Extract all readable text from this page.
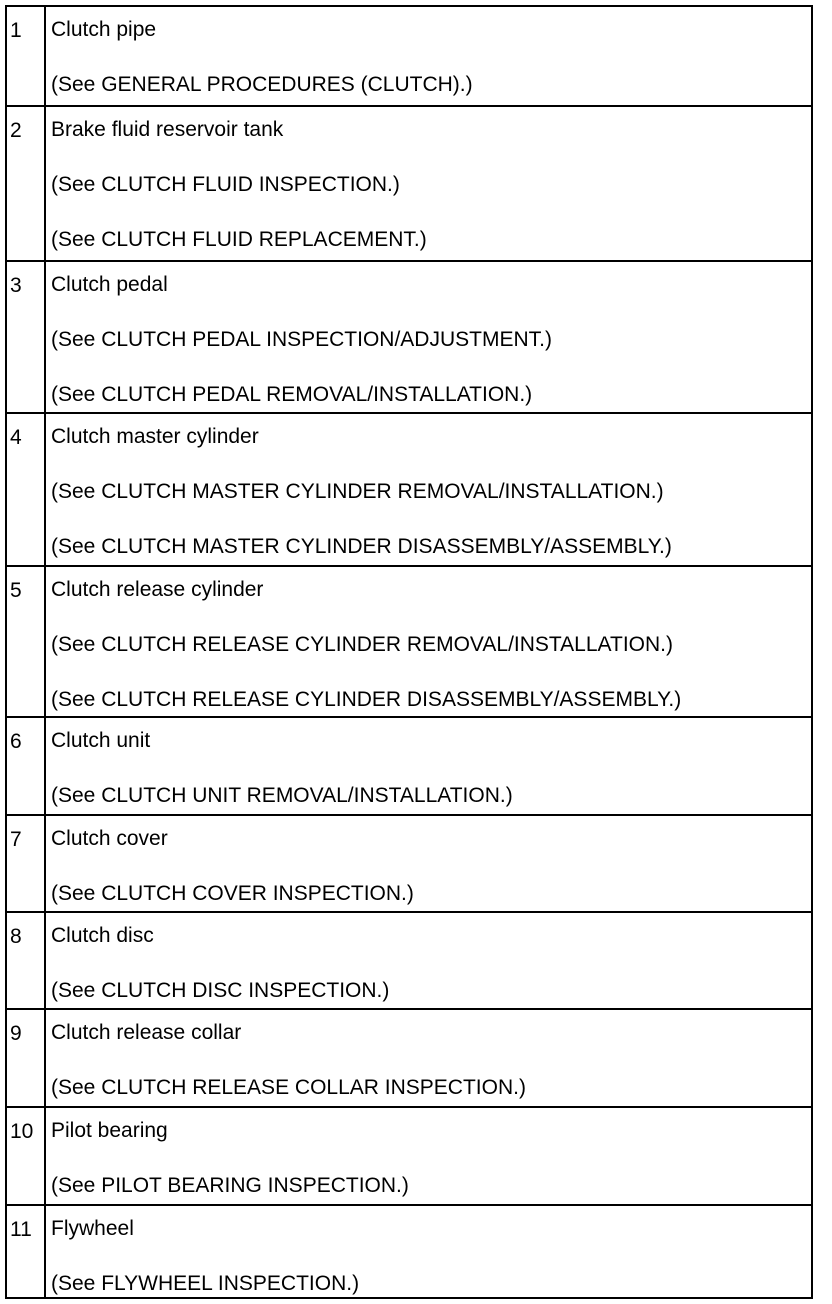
1	Clutch pipe
(See GENERAL PROCEDURES (CLUTCH).)
2	Brake fluid reservoir tank
(See CLUTCH FLUID INSPECTION.)
(See CLUTCH FLUID REPLACEMENT.)
3	Clutch pedal
(See CLUTCH PEDAL INSPECTION/ADJUSTMENT.)
(See CLUTCH PEDAL REMOVAL/INSTALLATION.)
4	Clutch master cylinder
(See CLUTCH MASTER CYLINDER REMOVAL/INSTALLATION.)
(See CLUTCH MASTER CYLINDER DISASSEMBLY/ASSEMBLY.)
5	Clutch release cylinder
(See CLUTCH RELEASE CYLINDER REMOVAL/INSTALLATION.)
(See CLUTCH RELEASE CYLINDER DISASSEMBLY/ASSEMBLY.)
6	Clutch unit
(See CLUTCH UNIT REMOVAL/INSTALLATION.)
7	Clutch cover
(See CLUTCH COVER INSPECTION.)
8	Clutch disc
(See CLUTCH DISC INSPECTION.)
9	Clutch release collar
(See CLUTCH RELEASE COLLAR INSPECTION.)
10 Pilot bearing
(See PILOT BEARING INSPECTION.)
11 Flywheel
(See FLYWHEEL INSPECTION.)
